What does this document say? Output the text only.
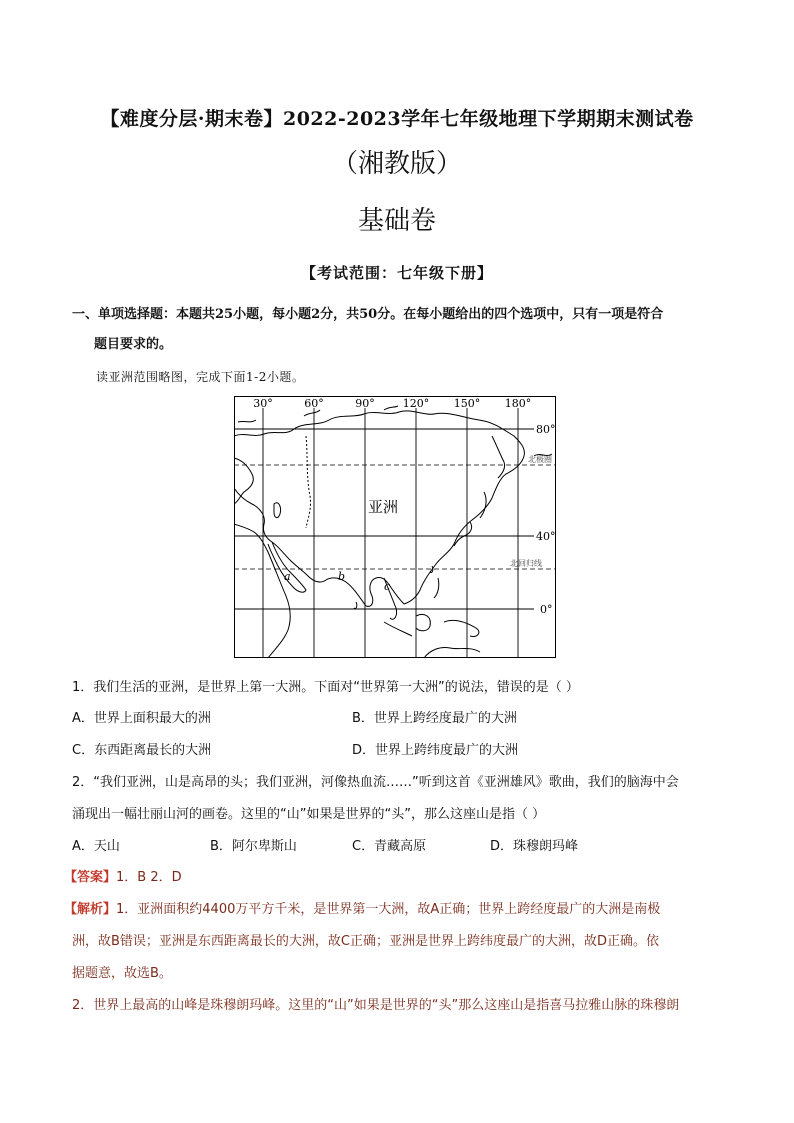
【难度分层·期末卷】2022-2023学年七年级地理下学期期末测试卷
（湘教版）
基础卷
【考试范围：七年级下册】
一、单项选择题：本题共25小题，每小题2分，共50分。在每小题给出的四个选项中，只有一项是符合
题目要求的。
读亚洲范围略图，完成下面1-2小题。
30°	60°	90°	120° 150° 180°
80°
40°
0°
北极圈
北回归线
亚洲
a	b
c
1．我们生活的亚洲，是世界上第一大洲。下面对“世界第一大洲”的说法，错误的是（ ）
A．世界上面积最大的洲	B．世界上跨经度最广的大洲
C．东西距离最长的大洲	D．世界上跨纬度最广的大洲
2．“我们亚洲，山是高昂的头；我们亚洲，河像热血流……”听到这首《亚洲雄风》歌曲，我们的脑海中会
涌现出一幅壮丽山河的画卷。这里的“山”如果是世界的“头”，那么这座山是指（ ）
A．天山	B．阿尔卑斯山	C．青藏高原	D．珠穆朗玛峰
【答案】1．B 2．D
【解析】1．亚洲面积约4400万平方千米，是世界第一大洲，故A正确；世界上跨经度最广的大洲是南极
洲，故B错误；亚洲是东西距离最长的大洲，故C正确；亚洲是世界上跨纬度最广的大洲，故D正确。依
据题意，故选B。
2．世界上最高的山峰是珠穆朗玛峰。这里的“山”如果是世界的“头”那么这座山是指喜马拉雅山脉的珠穆朗
